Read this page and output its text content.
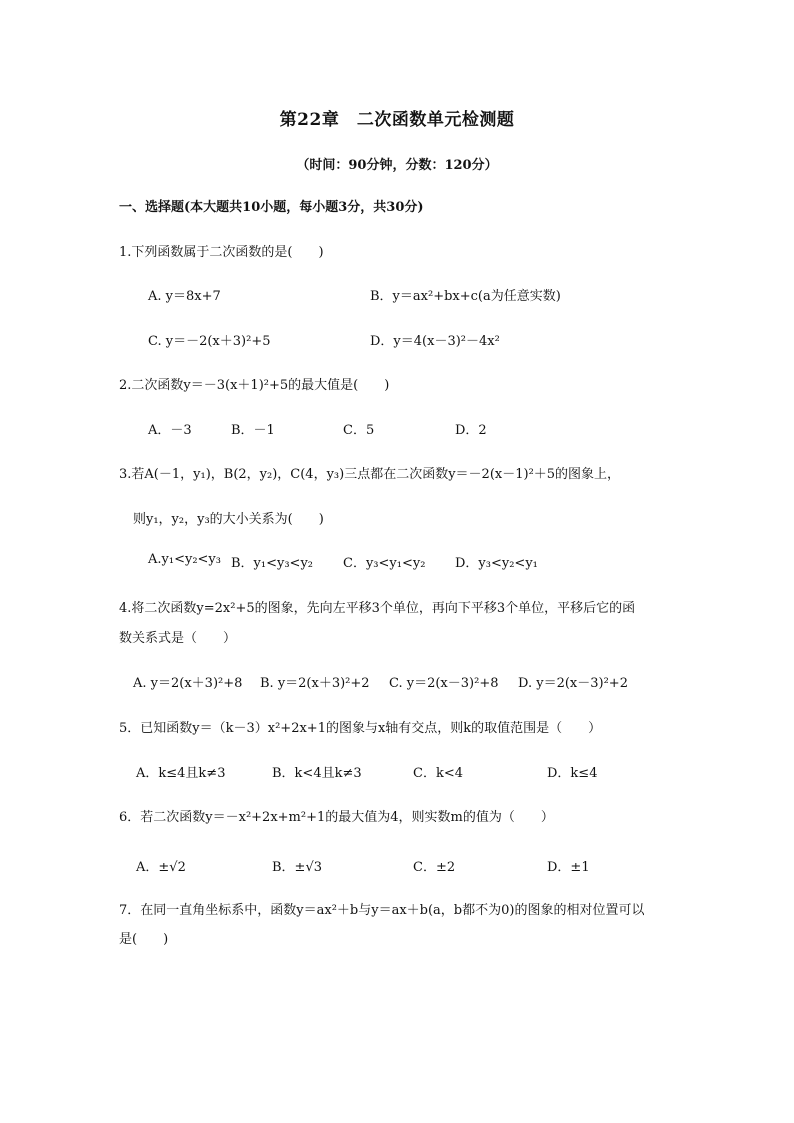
第22章　二次函数单元检测题
（时间：90分钟，分数：120分）
一、选择题(本大题共10小题，每小题3分，共30分)
1.下列函数属于二次函数的是(　　)
A. y＝8x+7	B．y＝ax²+bx+c(a为任意实数)
C. y＝－2(x＋3)²+5	D．y＝4(x－3)²－4x²
2.二次函数y＝－3(x＋1)²+5的最大值是(　　)
A．－3	B．－1	C．5	D．2
3.若A(－1，y₁)，B(2，y₂)，C(4，y₃)三点都在二次函数y＝－2(x－1)²＋5的图象上，
则y₁，y₂，y₃的大小关系为(　　)
A.y₁<y₂<y₃ B．y₁<y₃<y₂ C．y₃<y₁<y₂ D．y₃<y₂<y₁
4.将二次函数y=2x²+5的图象，先向左平移3个单位，再向下平移3个单位，平移后它的函
数关系式是（　　）
A. y＝2(x＋3)²+8 B. y＝2(x＋3)²+2 C. y＝2(x－3)²+8 D. y＝2(x－3)²+2
5．已知函数y＝（k－3）x²+2x+1的图象与x轴有交点，则k的取值范围是（　　）
A．k≤4且k≠3	B．k<4且k≠3	C．k<4	D．k≤4
6．若二次函数y＝－x²+2x+m²+1的最大值为4，则实数m的值为（　　）
A．±√2	B．±√3	C．±2	D．±1
7．在同一直角坐标系中，函数y＝ax²＋b与y＝ax＋b(a，b都不为0)的图象的相对位置可以
是(　　)
